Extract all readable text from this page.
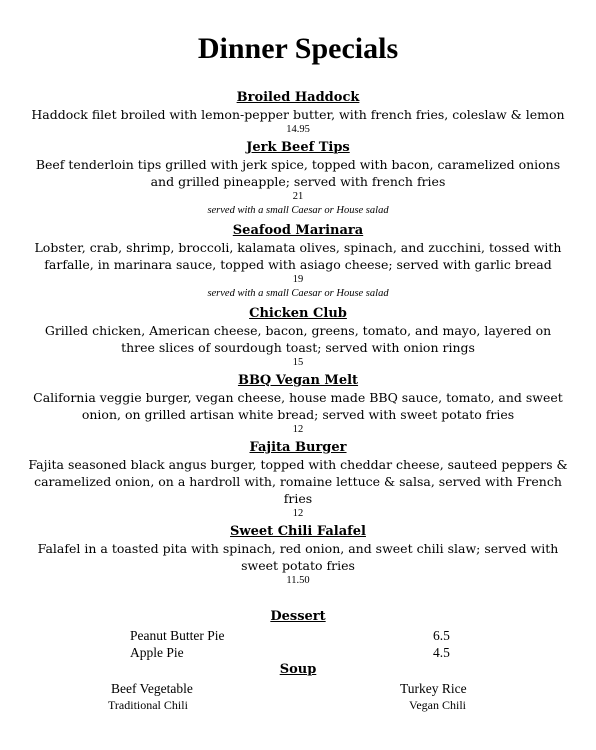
Dinner Specials
Broiled Haddock
Haddock filet broiled with lemon-pepper butter, with french fries, coleslaw & lemon
14.95
Jerk Beef Tips
Beef tenderloin tips grilled with jerk spice, topped with bacon, caramelized onions and grilled pineapple; served with french fries
21
served with a small Caesar or House salad
Seafood Marinara
Lobster, crab, shrimp, broccoli, kalamata olives, spinach, and zucchini, tossed with farfalle, in marinara sauce, topped with asiago cheese; served with garlic bread
19
served with a small Caesar or House salad
Chicken Club
Grilled chicken, American cheese, bacon, greens, tomato, and mayo, layered on three slices of sourdough toast; served with onion rings
15
BBQ Vegan Melt
California veggie burger, vegan cheese, house made BBQ sauce, tomato, and sweet onion, on grilled artisan white bread; served with sweet potato fries
12
Fajita Burger
Fajita seasoned black angus burger, topped with cheddar cheese, sauteed peppers & caramelized onion, on a hardroll with, romaine lettuce & salsa, served with French fries
12
Sweet Chili Falafel
Falafel in a toasted pita with spinach, red onion, and sweet chili slaw; served with sweet potato fries
11.50
Dessert
Peanut Butter Pie	6.5
Apple Pie	4.5
Soup
Beef Vegetable	Turkey Rice
Traditional Chili	Vegan Chili
